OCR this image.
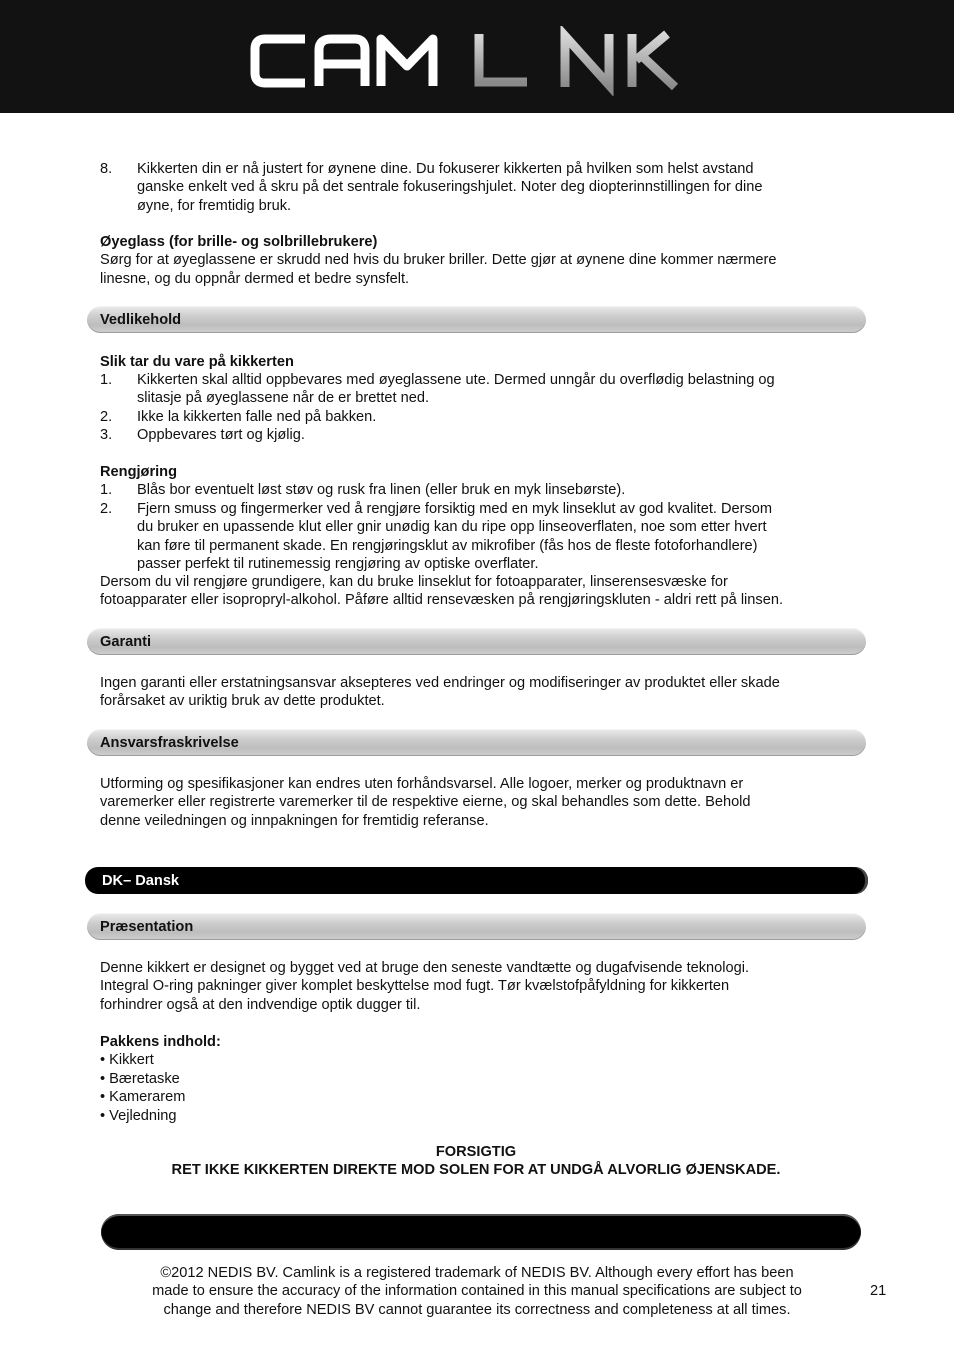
8. Kikkerten din er nå justert for øynene dine. Du fokuserer kikkerten på hvilken som helst avstand
ganske enkelt ved å skru på det sentrale fokuseringshjulet. Noter deg diopterinnstillingen for dine
øyne, for fremtidig bruk.
Øyeglass (for brille- og solbrillebrukere)
Sørg for at øyeglassene er skrudd ned hvis du bruker briller. Dette gjør at øynene dine kommer nærmere
linesne, og du oppnår dermed et bedre synsfelt.
Vedlikehold
Slik tar du vare på kikkerten
1. Kikkerten skal alltid oppbevares med øyeglassene ute. Dermed unngår du overflødig belastning og
slitasje på øyeglassene når de er brettet ned.
2. Ikke la kikkerten falle ned på bakken.
3. Oppbevares tørt og kjølig.
Rengjøring
1. Blås bor eventuelt løst støv og rusk fra linen (eller bruk en myk linsebørste).
2. Fjern smuss og fingermerker ved å rengjøre forsiktig med en myk linseklut av god kvalitet. Dersom
du bruker en upassende klut eller gnir unødig kan du ripe opp linseoverflaten, noe som etter hvert
kan føre til permanent skade. En rengjøringsklut av mikrofiber (fås hos de fleste fotoforhandlere)
passer perfekt til rutinemessig rengjøring av optiske overflater.
Dersom du vil rengjøre grundigere, kan du bruke linseklut for fotoapparater, linserensesvæske for
fotoapparater eller isopropryl-alkohol. Påføre alltid rensevæsken på rengjøringskluten - aldri rett på linsen.
Garanti
Ingen garanti eller erstatningsansvar aksepteres ved endringer og modifiseringer av produktet eller skade
forårsaket av uriktig bruk av dette produktet.
Ansvarsfraskrivelse
Utforming og spesifikasjoner kan endres uten forhåndsvarsel. Alle logoer, merker og produktnavn er
varemerker eller registrerte varemerker til de respektive eierne, og skal behandles som dette. Behold
denne veiledningen og innpakningen for fremtidig referanse.
DK– Dansk
Præsentation
Denne kikkert er designet og bygget ved at bruge den seneste vandtætte og dugafvisende teknologi.
Integral O-ring pakninger giver komplet beskyttelse mod fugt. Tør kvælstofpåfyldning for kikkerten
forhindrer også at den indvendige optik dugger til.
Pakkens indhold:
• Kikkert
• Bæretaske
• Kamerarem
• Vejledning
FORSIGTIG
RET IKKE KIKKERTEN DIREKTE MOD SOLEN FOR AT UNDGÅ ALVORLIG ØJENSKADE.
©2012 NEDIS BV. Camlink is a registered trademark of NEDIS BV. Although every effort has been
made to ensure the accuracy of the information contained in this manual specifications are subject to
change and therefore NEDIS BV cannot guarantee its correctness and completeness at all times.
21
